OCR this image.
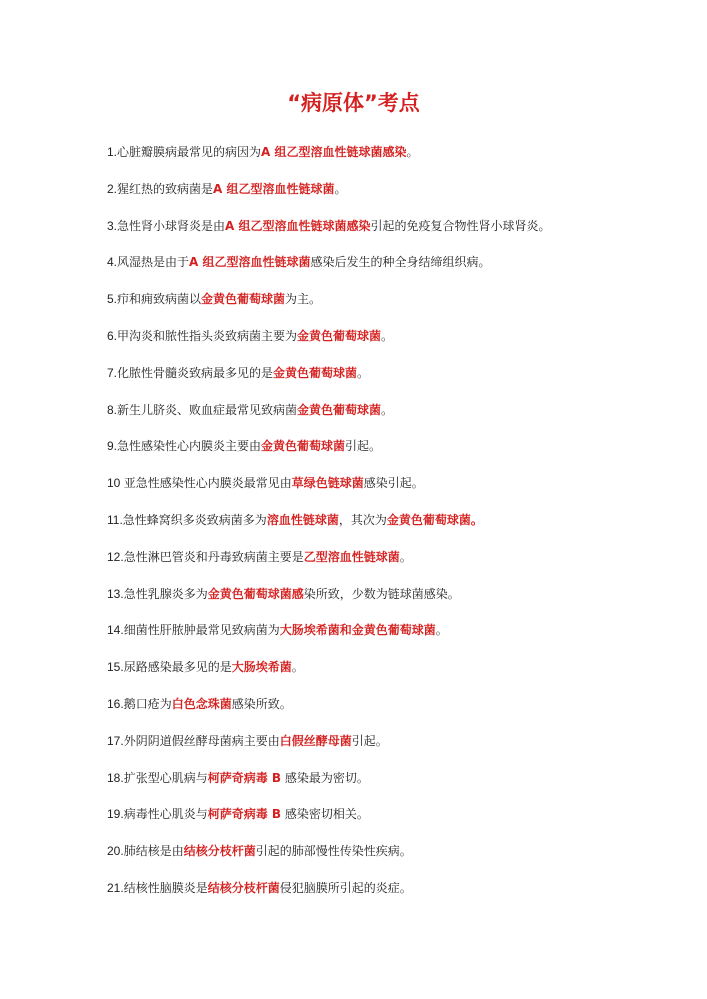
“病原体”考点
1.心脏瓣膜病最常见的病因为A 组乙型溶血性链球菌感染。
2.猩红热的致病菌是A 组乙型溶血性链球菌。
3.急性肾小球肾炎是由A 组乙型溶血性链球菌感染引起的免疫复合物性肾小球肾炎。
4.风湿热是由于A 组乙型溶血性链球菌感染后发生的种全身结缔组织病。
5.疖和痈致病菌以金黄色葡萄球菌为主。
6.甲沟炎和脓性指头炎致病菌主要为金黄色葡萄球菌。
7.化脓性骨髓炎致病最多见的是金黄色葡萄球菌。
8.新生儿脐炎、败血症最常见致病菌金黄色葡萄球菌。
9.急性感染性心内膜炎主要由金黄色葡萄球菌引起。
10 亚急性感染性心内膜炎最常见由草绿色链球菌感染引起。
11.急性蜂窝织多炎致病菌多为溶血性链球菌，其次为金黄色葡萄球菌。
12.急性淋巴管炎和丹毒致病菌主要是乙型溶血性链球菌。
13.急性乳腺炎多为金黄色葡萄球菌感染所致，少数为链球菌感染。
14.细菌性肝脓肿最常见致病菌为大肠埃希菌和金黄色葡萄球菌。
15.尿路感染最多见的是大肠埃希菌。
16.鹅口疮为白色念珠菌感染所致。
17.外阴阴道假丝酵母菌病主要由白假丝酵母菌引起。
18.扩张型心肌病与柯萨奇病毒 B 感染最为密切。
19.病毒性心肌炎与柯萨奇病毒 B 感染密切相关。
20.肺结核是由结核分枝杆菌引起的肺部慢性传染性疾病。
21.结核性脑膜炎是结核分枝杆菌侵犯脑膜所引起的炎症。
